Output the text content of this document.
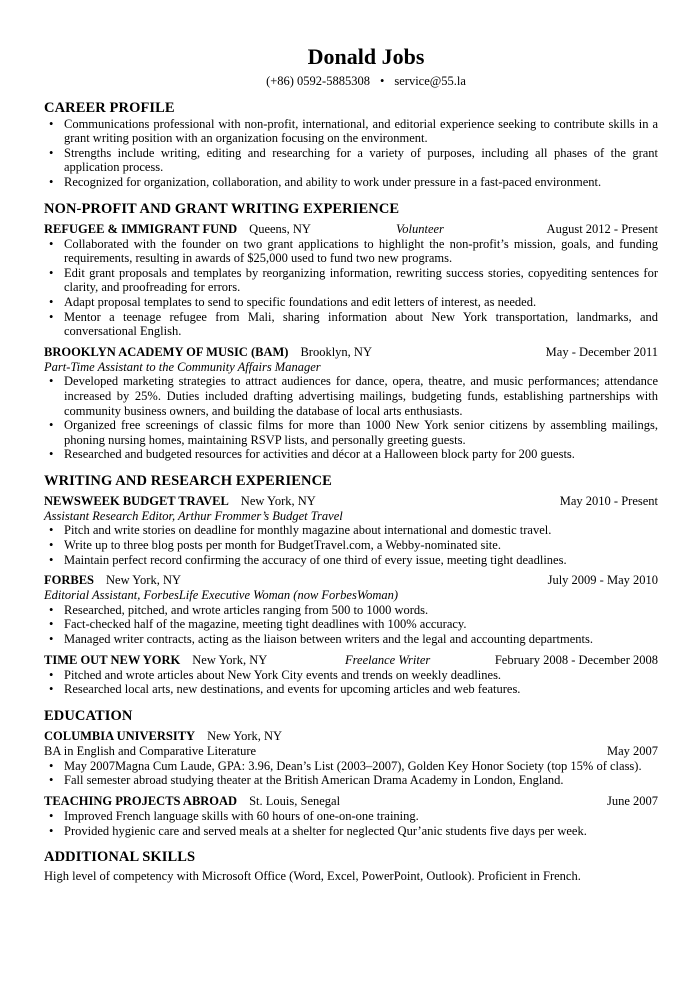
Donald Jobs
(+86) 0592-5885308 • service@55.la
CAREER PROFILE
• Communications professional with non-profit, international, and editorial experience seeking to contribute skills in a grant writing position with an organization focusing on the environment.
• Strengths include writing, editing and researching for a variety of purposes, including all phases of the grant application process.
• Recognized for organization, collaboration, and ability to work under pressure in a fast-paced environment.
NON-PROFIT AND GRANT WRITING EXPERIENCE
REFUGEE & IMMIGRANT FUND Queens, NY	Volunteer	August 2012 - Present
• Collaborated with the founder on two grant applications to highlight the non-profit’s mission, goals, and funding requirements, resulting in awards of $25,000 used to fund two new programs.
• Edit grant proposals and templates by reorganizing information, rewriting success stories, copyediting sentences for clarity, and proofreading for errors.
• Adapt proposal templates to send to specific foundations and edit letters of interest, as needed.
• Mentor a teenage refugee from Mali, sharing information about New York transportation, landmarks, and conversational English.
BROOKLYN ACADEMY OF MUSIC (BAM) Brooklyn, NY	May - December 2011
Part-Time Assistant to the Community Affairs Manager
• Developed marketing strategies to attract audiences for dance, opera, theatre, and music performances; attendance increased by 25%. Duties included drafting advertising mailings, budgeting funds, establishing partnerships with community business owners, and building the database of local arts enthusiasts.
• Organized free screenings of classic films for more than 1000 New York senior citizens by assembling mailings, phoning nursing homes, maintaining RSVP lists, and personally greeting guests.
• Researched and budgeted resources for activities and décor at a Halloween block party for 200 guests.
WRITING AND RESEARCH EXPERIENCE
NEWSWEEK BUDGET TRAVEL New York, NY	May 2010 - Present
Assistant Research Editor, Arthur Frommer’s Budget Travel
• Pitch and write stories on deadline for monthly magazine about international and domestic travel.
• Write up to three blog posts per month for BudgetTravel.com, a Webby-nominated site.
• Maintain perfect record confirming the accuracy of one third of every issue, meeting tight deadlines.
FORBES New York, NY	July 2009 - May 2010
Editorial Assistant, ForbesLife Executive Woman (now ForbesWoman)
• Researched, pitched, and wrote articles ranging from 500 to 1000 words.
• Fact-checked half of the magazine, meeting tight deadlines with 100% accuracy.
• Managed writer contracts, acting as the liaison between writers and the legal and accounting departments.
TIME OUT NEW YORK New York, NY	Freelance Writer	February 2008 - December 2008
• Pitched and wrote articles about New York City events and trends on weekly deadlines.
• Researched local arts, new destinations, and events for upcoming articles and web features.
EDUCATION
COLUMBIA UNIVERSITY New York, NY
BA in English and Comparative Literature	May 2007
• May 2007Magna Cum Laude, GPA: 3.96, Dean’s List (2003–2007), Golden Key Honor Society (top 15% of class).
• Fall semester abroad studying theater at the British American Drama Academy in London, England.
TEACHING PROJECTS ABROAD St. Louis, Senegal	June 2007
• Improved French language skills with 60 hours of one-on-one training.
• Provided hygienic care and served meals at a shelter for neglected Qur’anic students five days per week.
ADDITIONAL SKILLS
High level of competency with Microsoft Office (Word, Excel, PowerPoint, Outlook). Proficient in French.
